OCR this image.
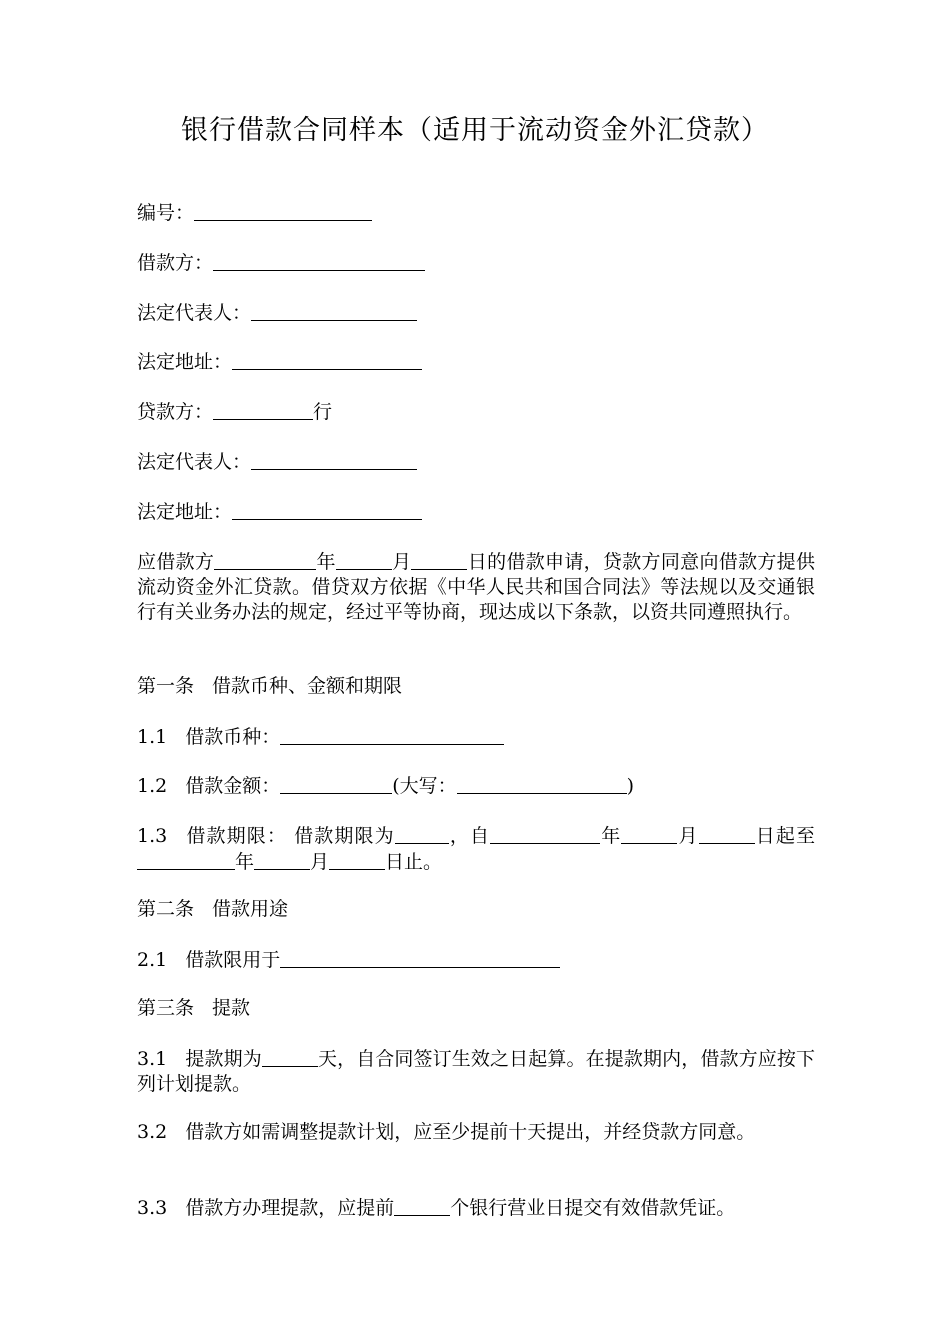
银行借款合同样本（适用于流动资金外汇贷款）
编号：
借款方：
法定代表人：
法定地址：
贷款方：	行
法定代表人：
法定地址：
应借款方	年	月	日的借款申请，贷款方同意向借款方提供流动资金外汇贷款。借贷双方依据《中华人民共和国合同法》等法规以及交通银行有关业务办法的规定，经过平等协商，现达成以下条款，以资共同遵照执行。
第一条 借款币种、金额和期限
1.1 借款币种：
1.2 借款金额：	(大写：	)
1.3 借款期限： 借款期限为	，自	年	月	日起至年	月	日止。
第二条 借款用途
2.1 借款限用于
第三条 提款
3.1 提款期为	天，自合同签订生效之日起算。在提款期内，借款方应按下列计划提款。
3.2 借款方如需调整提款计划，应至少提前十天提出，并经贷款方同意。
3.3 借款方办理提款，应提前	个银行营业日提交有效借款凭证。
